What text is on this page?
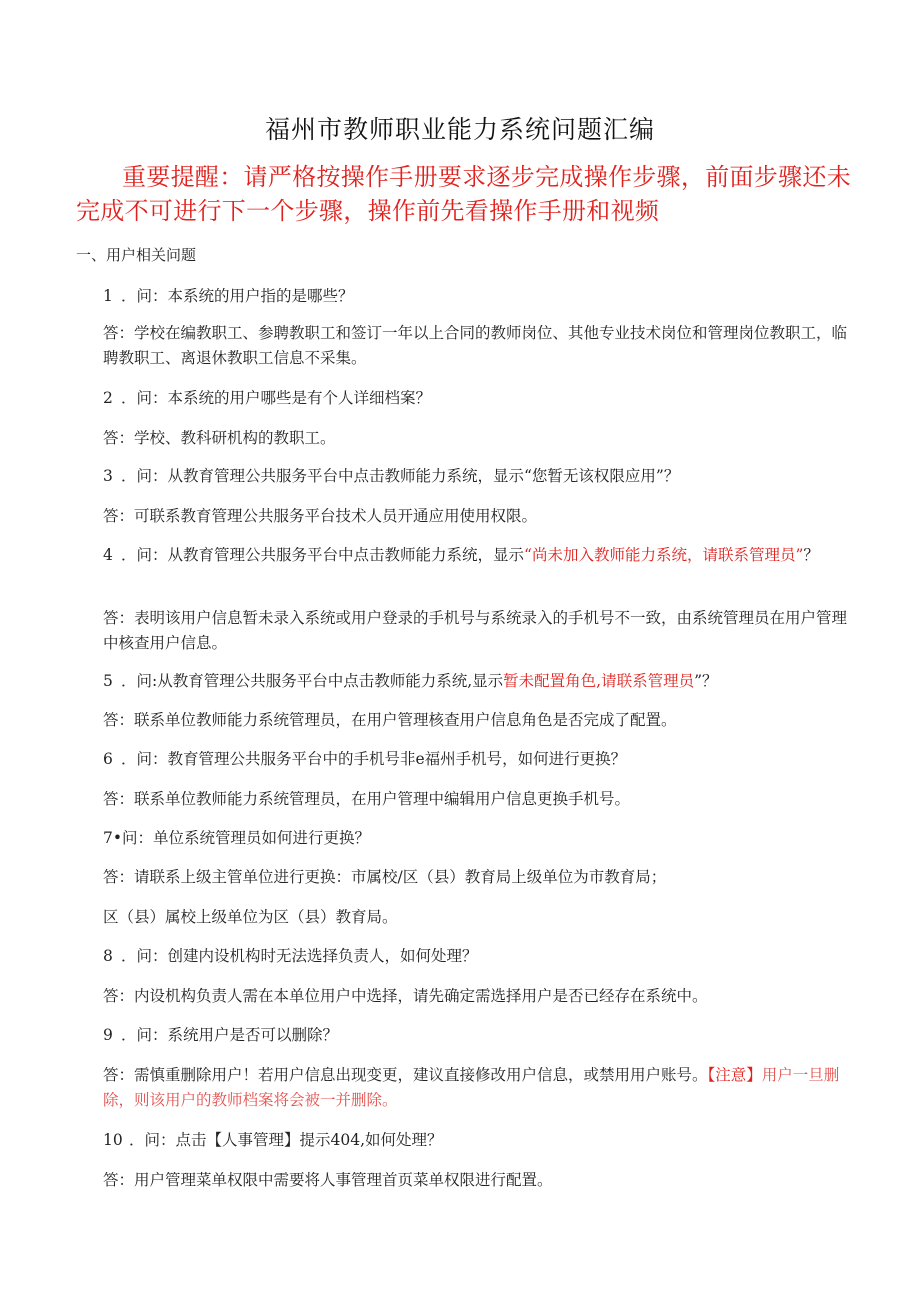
福州市教师职业能力系统问题汇编
重要提醒：请严格按操作手册要求逐步完成操作步骤，前面步骤还未完成不可进行下一个步骤，操作前先看操作手册和视频
一、用户相关问题
1 ．问：本系统的用户指的是哪些？
答：学校在编教职工、参聘教职工和签订一年以上合同的教师岗位、其他专业技术岗位和管理岗位教职工，临聘教职工、离退休教职工信息不采集。
2 ．问：本系统的用户哪些是有个人详细档案？
答：学校、教科研机构的教职工。
3 ．问：从教育管理公共服务平台中点击教师能力系统，显示“您暂无该权限应用”？
答：可联系教育管理公共服务平台技术人员开通应用使用权限。
4 ．问：从教育管理公共服务平台中点击教师能力系统，显示“尚未加入教师能力系统，请联系管理员”？
答：表明该用户信息暂未录入系统或用户登录的手机号与系统录入的手机号不一致，由系统管理员在用户管理中核查用户信息。
5 ．问:从教育管理公共服务平台中点击教师能力系统,显示暂未配置角色,请联系管理员”？
答：联系单位教师能力系统管理员，在用户管理核查用户信息角色是否完成了配置。
6 ．问：教育管理公共服务平台中的手机号非e福州手机号，如何进行更换？
答：联系单位教师能力系统管理员，在用户管理中编辑用户信息更换手机号。
7•问：单位系统管理员如何进行更换？
答：请联系上级主管单位进行更换：市属校/区（县）教育局上级单位为市教育局；
区（县）属校上级单位为区（县）教育局。
8 ．问：创建内设机构时无法选择负责人，如何处理？
答：内设机构负责人需在本单位用户中选择，请先确定需选择用户是否已经存在系统中。
9 ．问：系统用户是否可以删除？
答：需慎重删除用户！若用户信息出现变更，建议直接修改用户信息，或禁用用户账号。【注意】用户一旦删除，则该用户的教师档案将会被一并删除。
10 ．问：点击【人事管理】提示404,如何处理？
答：用户管理菜单权限中需要将人事管理首页菜单权限进行配置。
